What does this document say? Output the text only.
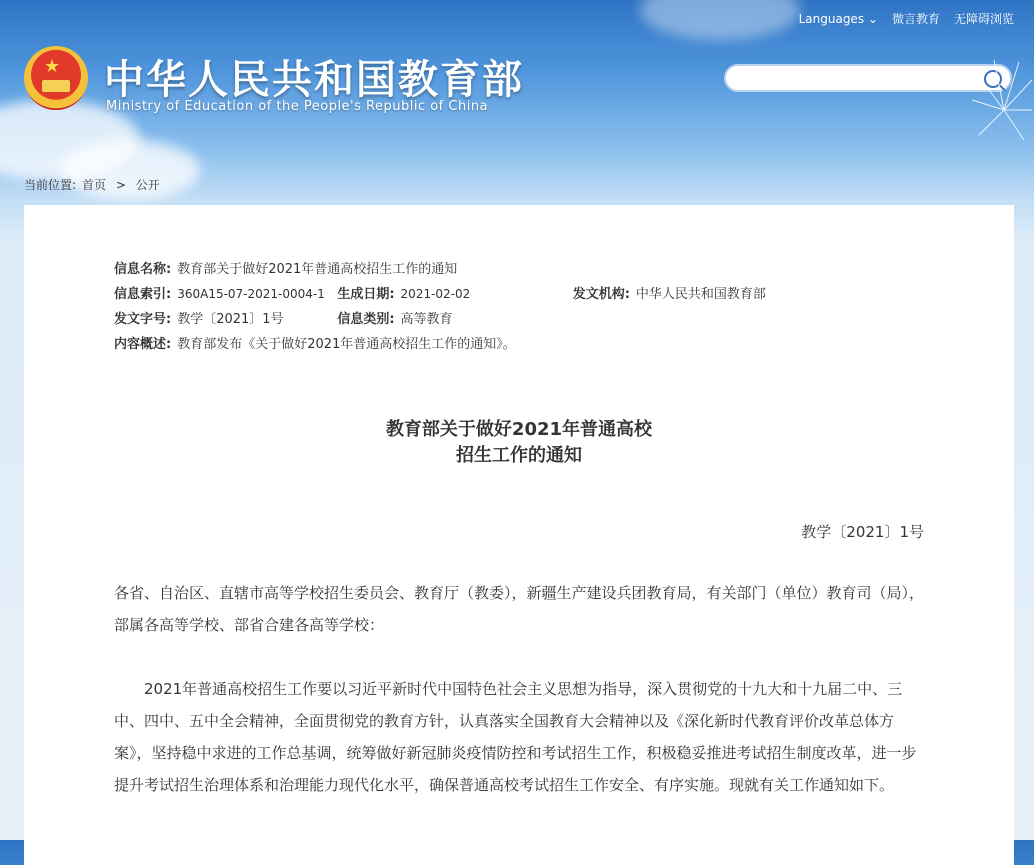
Languages ⌄ 微言教育 无障碍浏览
★ 中华人民共和国教育部
Ministry of Education of the People's Republic of China
当前位置: 首页 > 公开
信息名称: 教育部关于做好2021年普通高校招生工作的通知
信息索引: 360A15-07-2021-0004-1 生成日期: 2021-02-02	发文机构: 中华人民共和国教育部
发文字号: 教学〔2021〕1号	信息类别: 高等教育
内容概述: 教育部发布《关于做好2021年普通高校招生工作的通知》。
教育部关于做好2021年普通高校
招生工作的通知
教学〔2021〕1号
各省、自治区、直辖市高等学校招生委员会、教育厅（教委），新疆生产建设兵团教育局，有关部门（单位）教育司（局），部属各高等学校、部省合建各高等学校：
2021年普通高校招生工作要以习近平新时代中国特色社会主义思想为指导，深入贯彻党的十九大和十九届二中、三中、四中、五中全会精神，全面贯彻党的教育方针，认真落实全国教育大会精神以及《深化新时代教育评价改革总体方案》，坚持稳中求进的工作总基调，统筹做好新冠肺炎疫情防控和考试招生工作，积极稳妥推进考试招生制度改革，进一步提升考试招生治理体系和治理能力现代化水平，确保普通高校考试招生工作安全、有序实施。现就有关工作通知如下。
